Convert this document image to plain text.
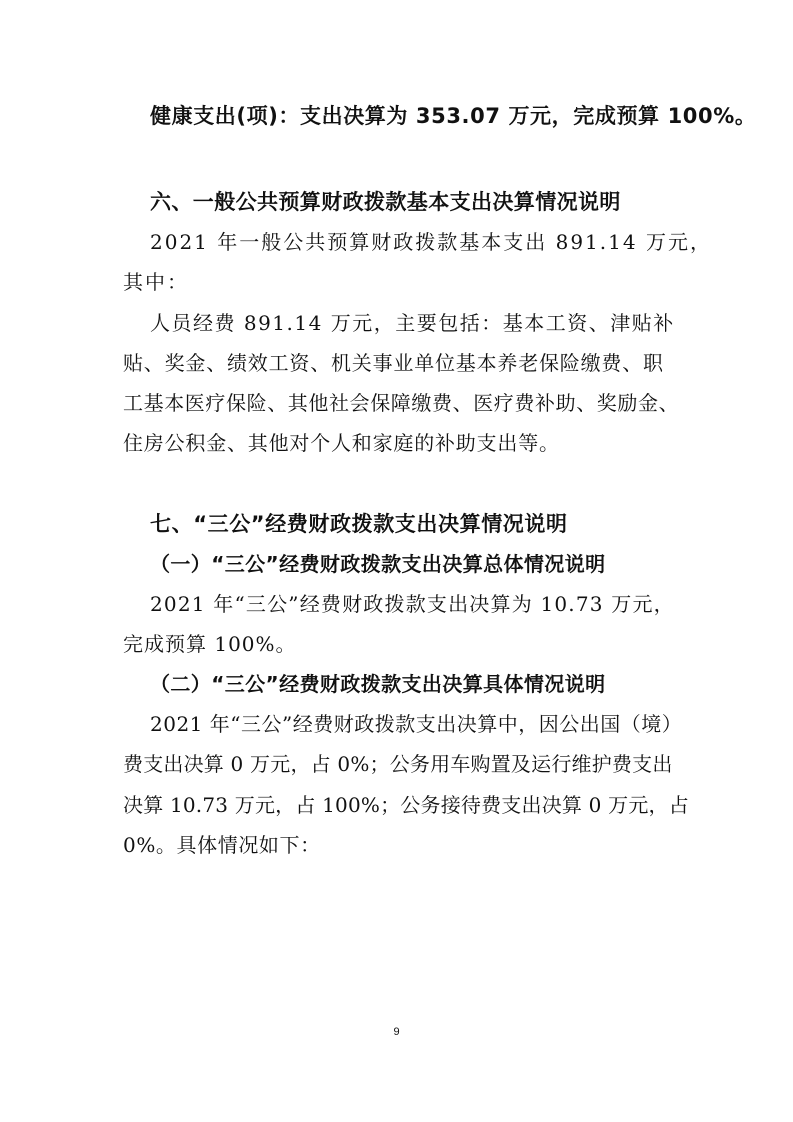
健康支出(项)：支出决算为 353.07 万元，完成预算 100%。
六、一般公共预算财政拨款基本支出决算情况说明
2021 年一般公共预算财政拨款基本支出 891.14 万元，
其中：
人员经费 891.14 万元，主要包括：基本工资、津贴补
贴、奖金、绩效工资、机关事业单位基本养老保险缴费、职
工基本医疗保险、其他社会保障缴费、医疗费补助、奖励金、
住房公积金、其他对个人和家庭的补助支出等。
七、“三公”经费财政拨款支出决算情况说明
（一）“三公”经费财政拨款支出决算总体情况说明
2021 年“三公”经费财政拨款支出决算为 10.73 万元，
完成预算 100%。
（二）“三公”经费财政拨款支出决算具体情况说明
2021 年“三公”经费财政拨款支出决算中，因公出国（境）
费支出决算 0 万元，占 0%；公务用车购置及运行维护费支出
决算 10.73 万元，占 100%；公务接待费支出决算 0 万元，占
0%。具体情况如下：
9
